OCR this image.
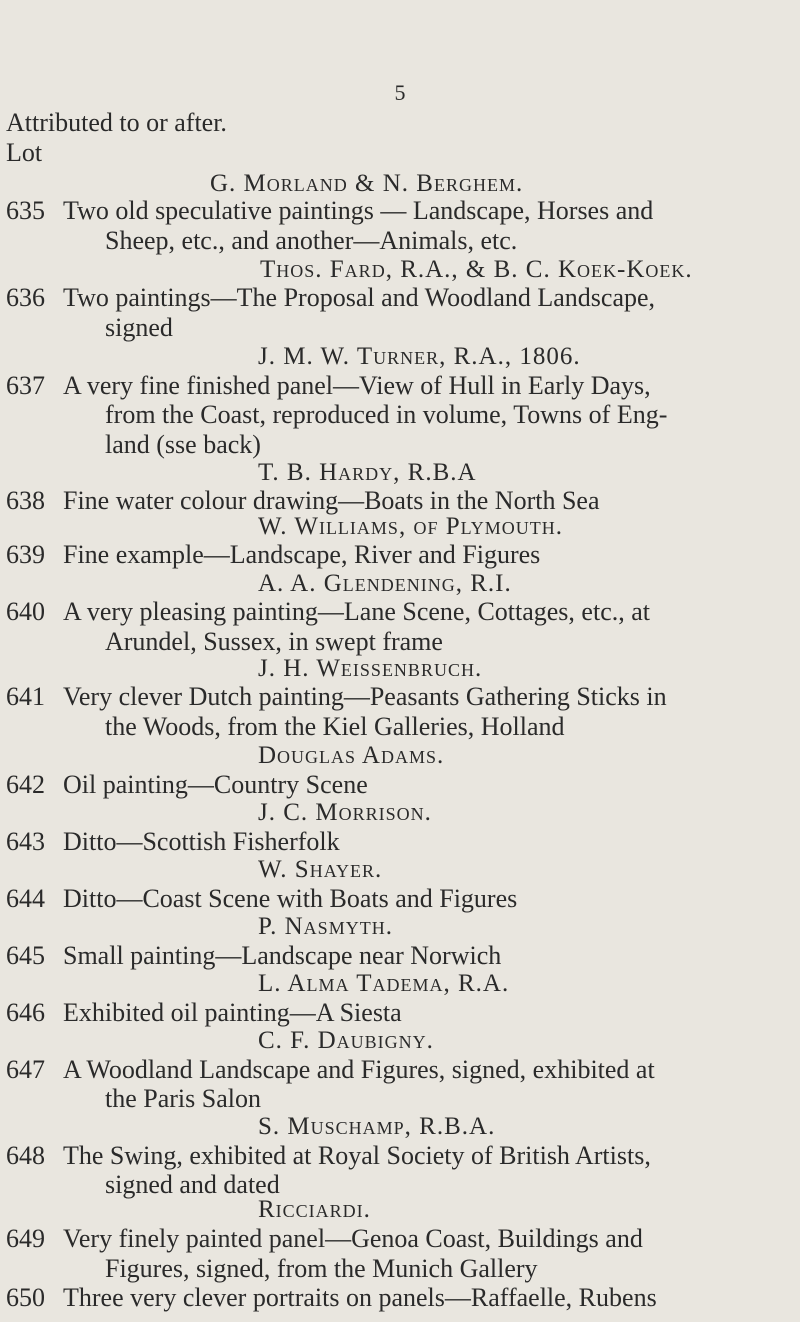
5
Attributed to or after.
Lot
G. Morland & N. Berghem.
635 Two old speculative paintings — Landscape, Horses and
Sheep, etc., and another—Animals, etc.
Thos. Fard, R.A., & B. C. Koek-Koek.
636 Two paintings—The Proposal and Woodland Landscape,
signed
J. M. W. Turner, R.A., 1806.
637 A very fine finished panel—View of Hull in Early Days,
from the Coast, reproduced in volume, Towns of Eng-
land (sse back)
T. B. Hardy, R.B.A
638 Fine water colour drawing—Boats in the North Sea
W. Williams, of Plymouth.
639 Fine example—Landscape, River and Figures
A. A. Glendening, R.I.
640 A very pleasing painting—Lane Scene, Cottages, etc., at
Arundel, Sussex, in swept frame
J. H. Weissenbruch.
641 Very clever Dutch painting—Peasants Gathering Sticks in
the Woods, from the Kiel Galleries, Holland
Douglas Adams.
642 Oil painting—Country Scene
J. C. Morrison.
643 Ditto—Scottish Fisherfolk
W. Shayer.
644 Ditto—Coast Scene with Boats and Figures
P. Nasmyth.
645 Small painting—Landscape near Norwich
L. Alma Tadema, R.A.
646 Exhibited oil painting—A Siesta
C. F. Daubigny.
647 A Woodland Landscape and Figures, signed, exhibited at
the Paris Salon
S. Muschamp, R.B.A.
648 The Swing, exhibited at Royal Society of British Artists,
signed and dated
Ricciardi.
649 Very finely painted panel—Genoa Coast, Buildings and
Figures, signed, from the Munich Gallery
650 Three very clever portraits on panels—Raffaelle, Rubens
